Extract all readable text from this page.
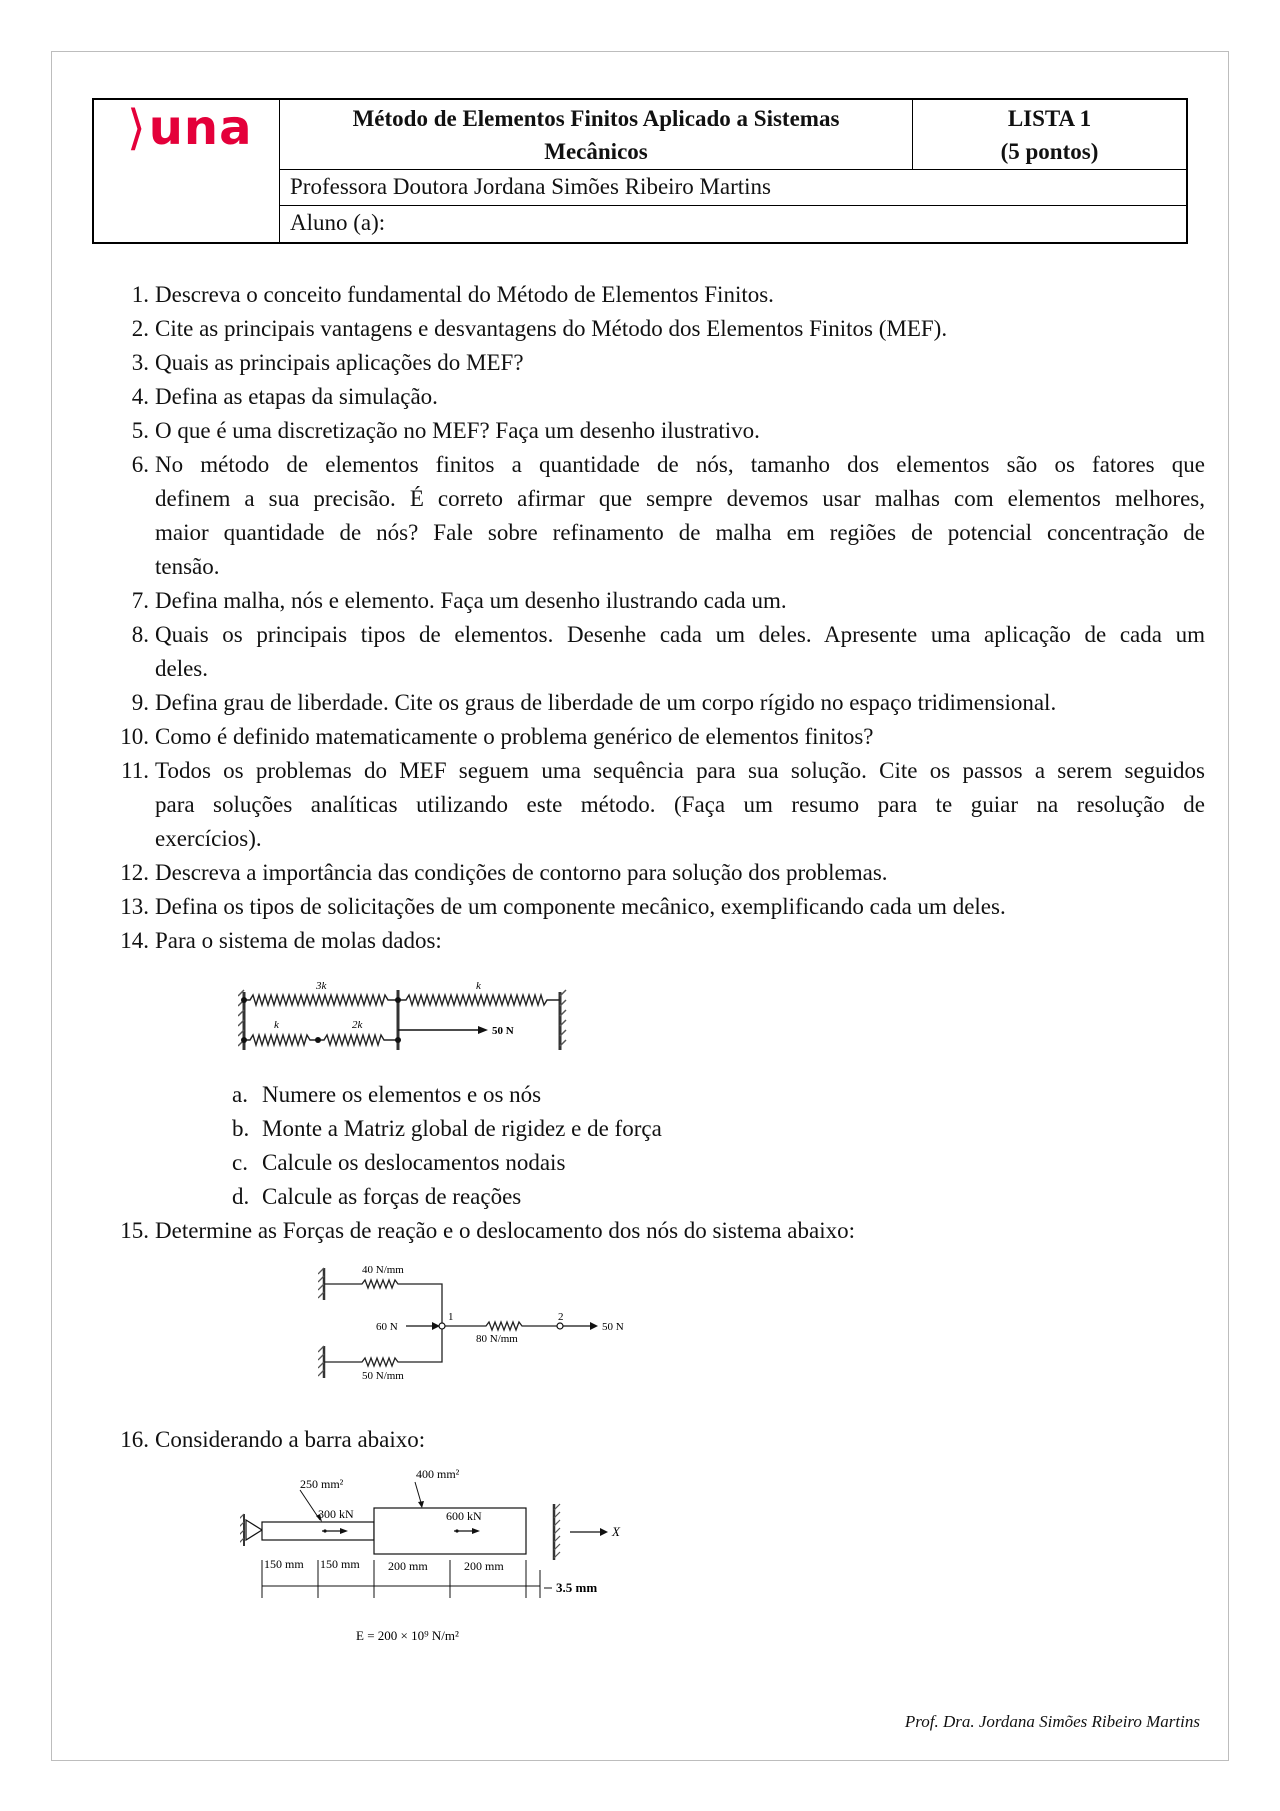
⟩una	Método de Elementos Finitos Aplicado a Sistemas
Mecânicos
LISTA 1
(5 pontos)
Professora Doutora Jordana Simões Ribeiro Martins
Aluno (a):
1. Descreva o conceito fundamental do Método de Elementos Finitos.
2. Cite as principais vantagens e desvantagens do Método dos Elementos Finitos (MEF).
3. Quais as principais aplicações do MEF?
4. Defina as etapas da simulação.
5. O que é uma discretização no MEF? Faça um desenho ilustrativo.
6. No método de elementos finitos a quantidade de nós, tamanho dos elementos são os fatores que
definem a sua precisão. É correto afirmar que sempre devemos usar malhas com elementos melhores,
maior quantidade de nós? Fale sobre refinamento de malha em regiões de potencial concentração de
tensão.
7. Defina malha, nós e elemento. Faça um desenho ilustrando cada um.
8. Quais os principais tipos de elementos. Desenhe cada um deles. Apresente uma aplicação de cada um
deles.
9. Defina grau de liberdade. Cite os graus de liberdade de um corpo rígido no espaço tridimensional.
10. Como é definido matematicamente o problema genérico de elementos finitos?
11. Todos os problemas do MEF seguem uma sequência para sua solução. Cite os passos a serem seguidos
para soluções analíticas utilizando este método. (Faça um resumo para te guiar na resolução de
exercícios).
12. Descreva a importância das condições de contorno para solução dos problemas.
13. Defina os tipos de solicitações de um componente mecânico, exemplificando cada um deles.
14. Para o sistema de molas dados:
3k	k
k	2k	50 N
a. Numere os elementos e os nós
b. Monte a Matriz global de rigidez e de força
c. Calcule os deslocamentos nodais
d. Calcule as forças de reações
15. Determine as Forças de reação e o deslocamento dos nós do sistema abaixo:
40 N/mm
50 N/mm
80 N/mm
60 N	50 N
1	2
16. Considerando a barra abaixo:
150 mm 150 mm 200 mm	200 mm
3.5 mm
250 mm²
400 mm²
300 kN	600 kN
X
E = 200 × 10⁹ N/m²
Prof. Dra. Jordana Simões Ribeiro Martins
